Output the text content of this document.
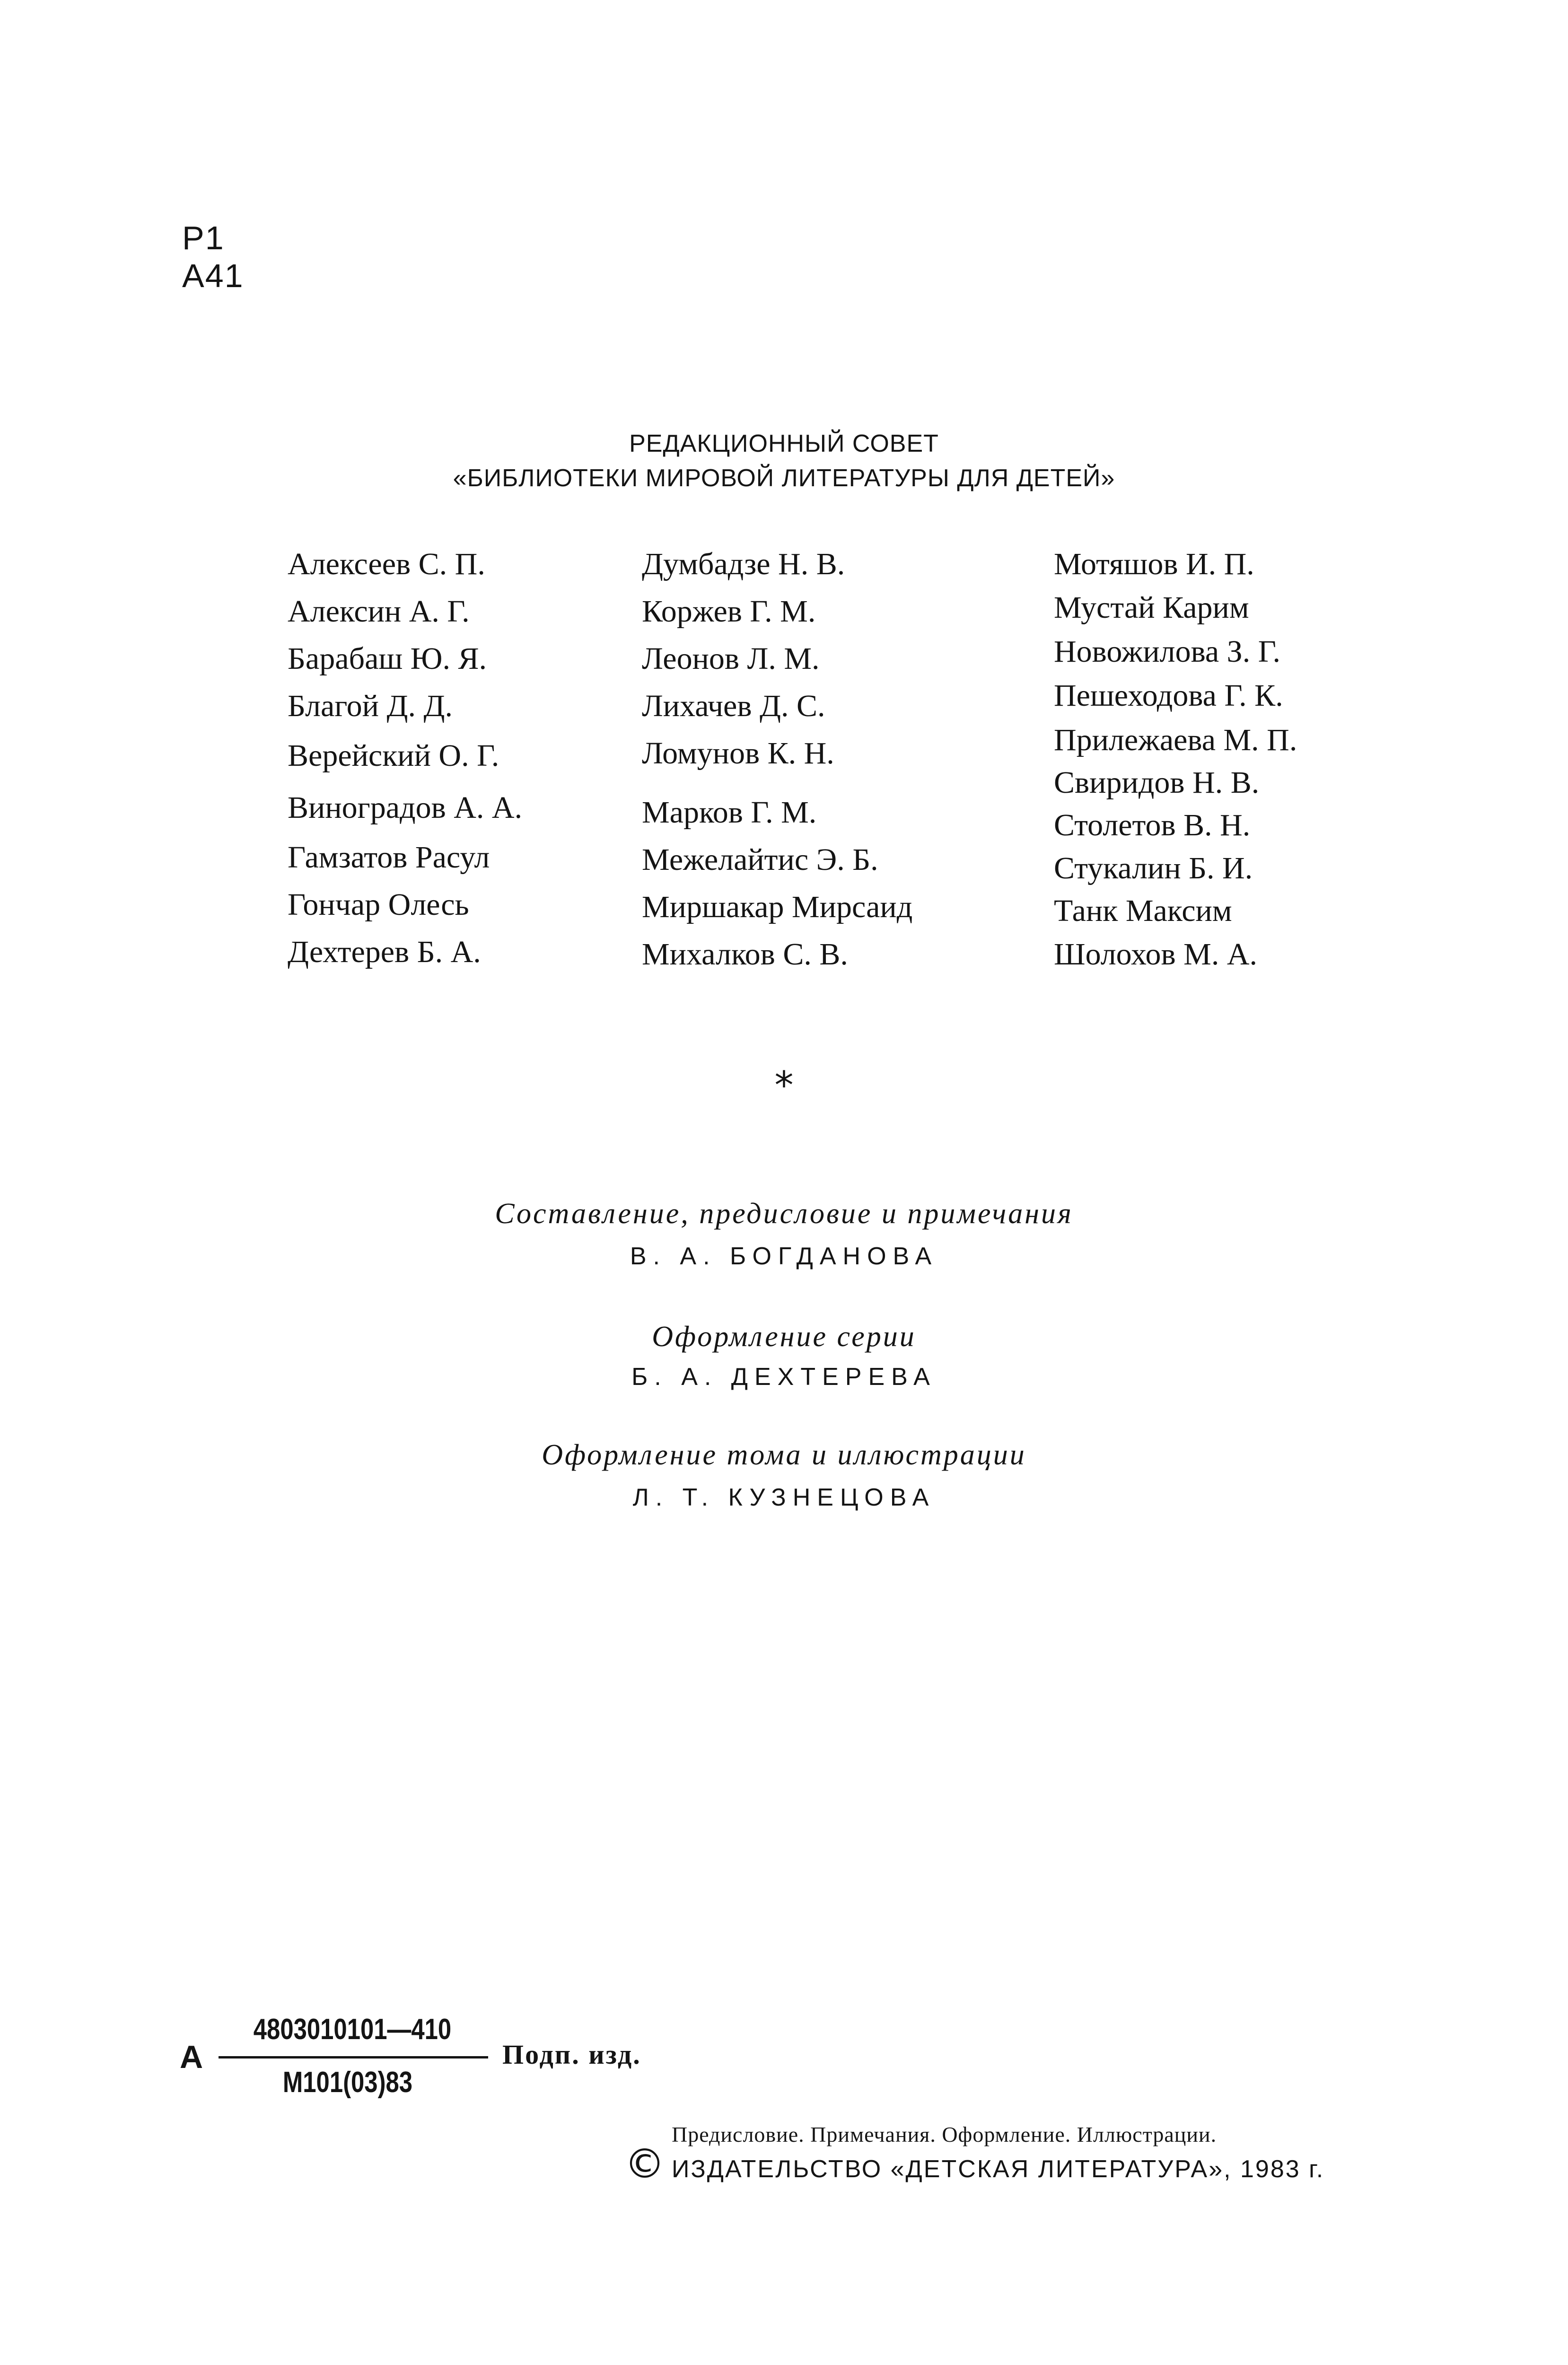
Р1
А41
РЕДАКЦИОННЫЙ СОВЕТ
«БИБЛИОТЕКИ МИРОВОЙ ЛИТЕРАТУРЫ ДЛЯ ДЕТЕЙ»
Алексеев С. П.
Алексин А. Г.
Барабаш Ю. Я.
Благой Д. Д.
Верейский О. Г.
Виноградов А. А.
Гамзатов Расул
Гончар Олесь
Дехтерев Б. А.
Думбадзе Н. В.
Коржев Г. М.
Леонов Л. М.
Лихачев Д. С.
Ломунов К. Н.
Марков Г. М.
Межелайтис Э. Б.
Миршакар Мирсаид
Михалков С. В.
Мотяшов И. П.
Мустай Карим
Новожилова З. Г.
Пешеходова Г. К.
Прилежаева М. П.
Свиридов Н. В.
Столетов В. Н.
Стукалин Б. И.
Танк Максим
Шолохов М. А.
*
Составление, предисловие и примечания
В. А. БОГДАНОВА
Оформление серии
Б. А. ДЕХТЕРЕВА
Оформление тома и иллюстрации
Л. Т. КУЗНЕЦОВА
А
4803010101—410
М101(03)83
Подп. изд.
Предисловие. Примечания. Оформление. Иллюстрации.
© ИЗДАТЕЛЬСТВО «ДЕТСКАЯ ЛИТЕРАТУРА», 1983 г.
